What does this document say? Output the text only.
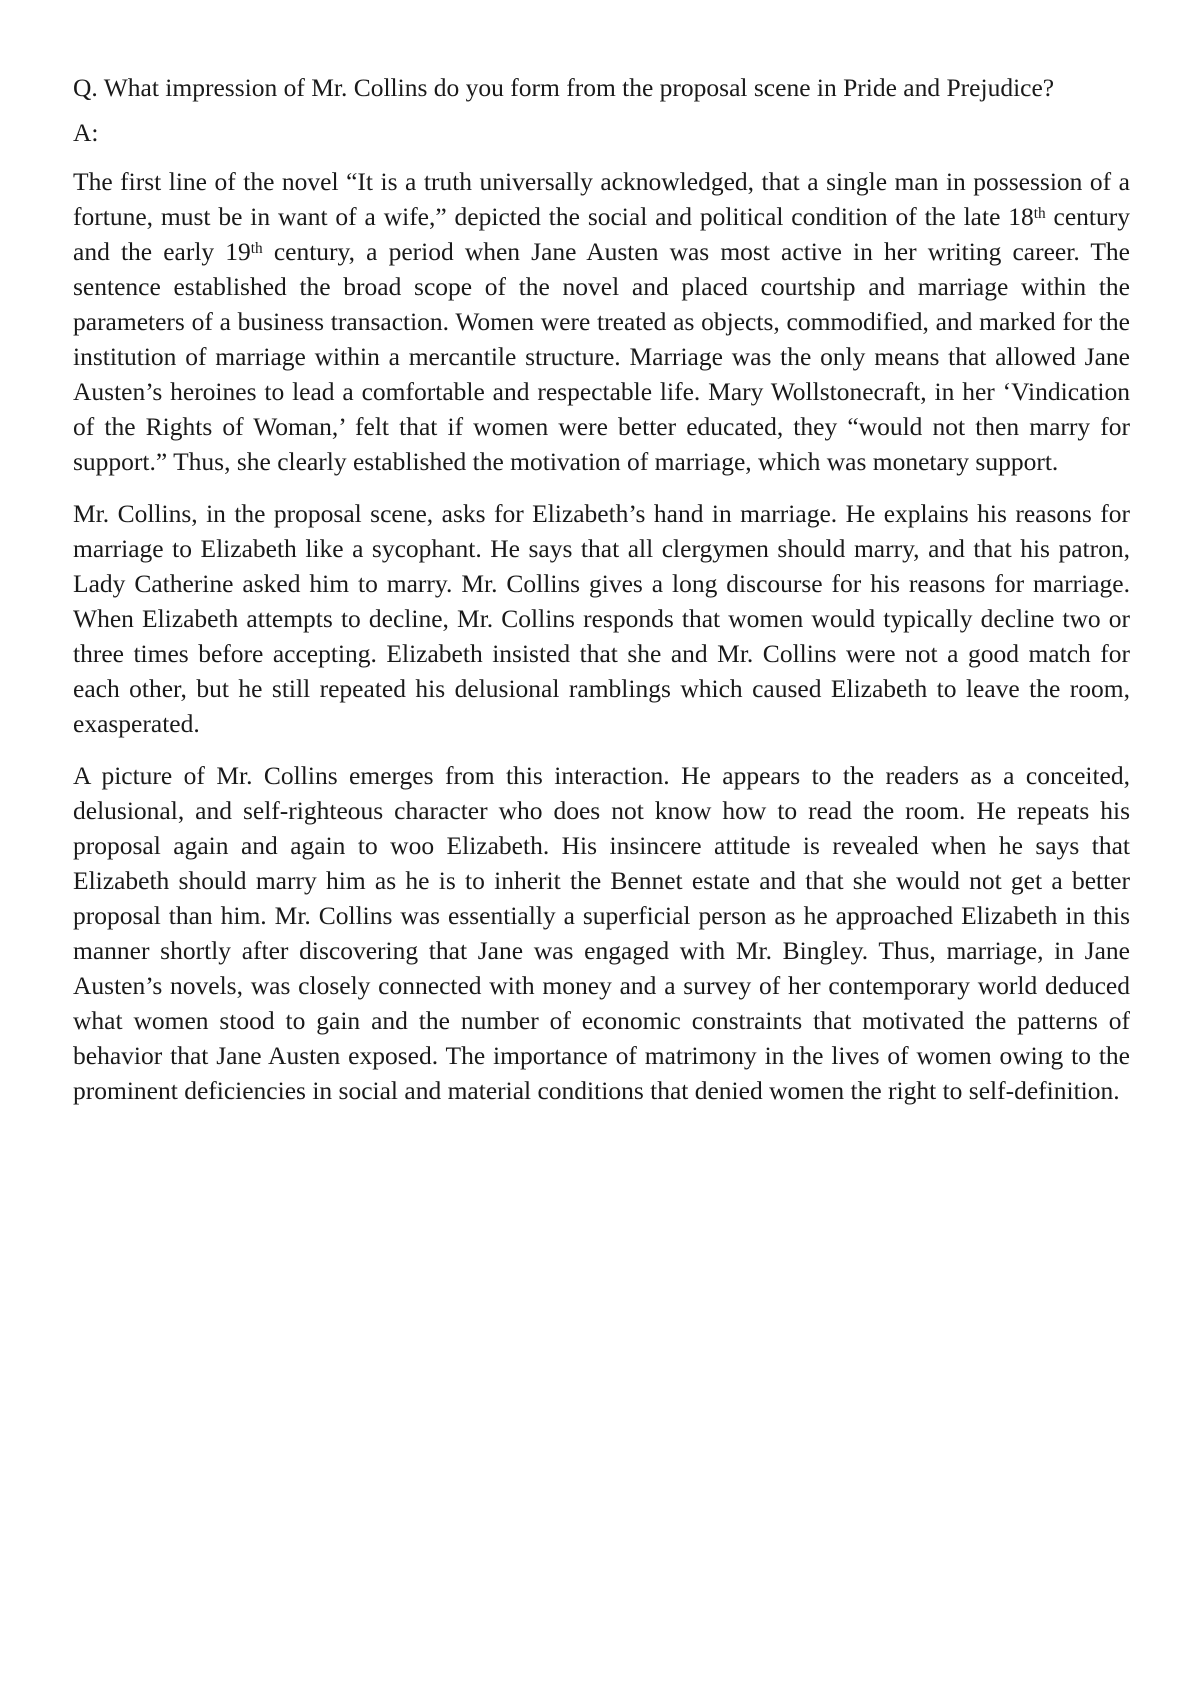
Q. What impression of Mr. Collins do you form from the proposal scene in Pride and Prejudice?

A:

The first line of the novel “It is a truth universally acknowledged, that a single man in possession of a fortune, must be in want of a wife,” depicted the social and political condition of the late 18th century and the early 19th century, a period when Jane Austen was most active in her writing career. The sentence established the broad scope of the novel and placed courtship and marriage within the parameters of a business transaction. Women were treated as objects, commodified, and marked for the institution of marriage within a mercantile structure. Marriage was the only means that allowed Jane Austen’s heroines to lead a comfortable and respectable life. Mary Wollstonecraft, in her ‘Vindication of the Rights of Woman,’ felt that if women were better educated, they “would not then marry for support.” Thus, she clearly established the motivation of marriage, which was monetary support.

Mr. Collins, in the proposal scene, asks for Elizabeth’s hand in marriage. He explains his reasons for marriage to Elizabeth like a sycophant. He says that all clergymen should marry, and that his patron, Lady Catherine asked him to marry. Mr. Collins gives a long discourse for his reasons for marriage. When Elizabeth attempts to decline, Mr. Collins responds that women would typically decline two or three times before accepting. Elizabeth insisted that she and Mr. Collins were not a good match for each other, but he still repeated his delusional ramblings which caused Elizabeth to leave the room, exasperated.

A picture of Mr. Collins emerges from this interaction. He appears to the readers as a conceited, delusional, and self-righteous character who does not know how to read the room. He repeats his proposal again and again to woo Elizabeth. His insincere attitude is revealed when he says that Elizabeth should marry him as he is to inherit the Bennet estate and that she would not get a better proposal than him. Mr. Collins was essentially a superficial person as he approached Elizabeth in this manner shortly after discovering that Jane was engaged with Mr. Bingley. Thus, marriage, in Jane Austen’s novels, was closely connected with money and a survey of her contemporary world deduced what women stood to gain and the number of economic constraints that motivated the patterns of behavior that Jane Austen exposed. The importance of matrimony in the lives of women owing to the prominent deficiencies in social and material conditions that denied women the right to self-definition.
